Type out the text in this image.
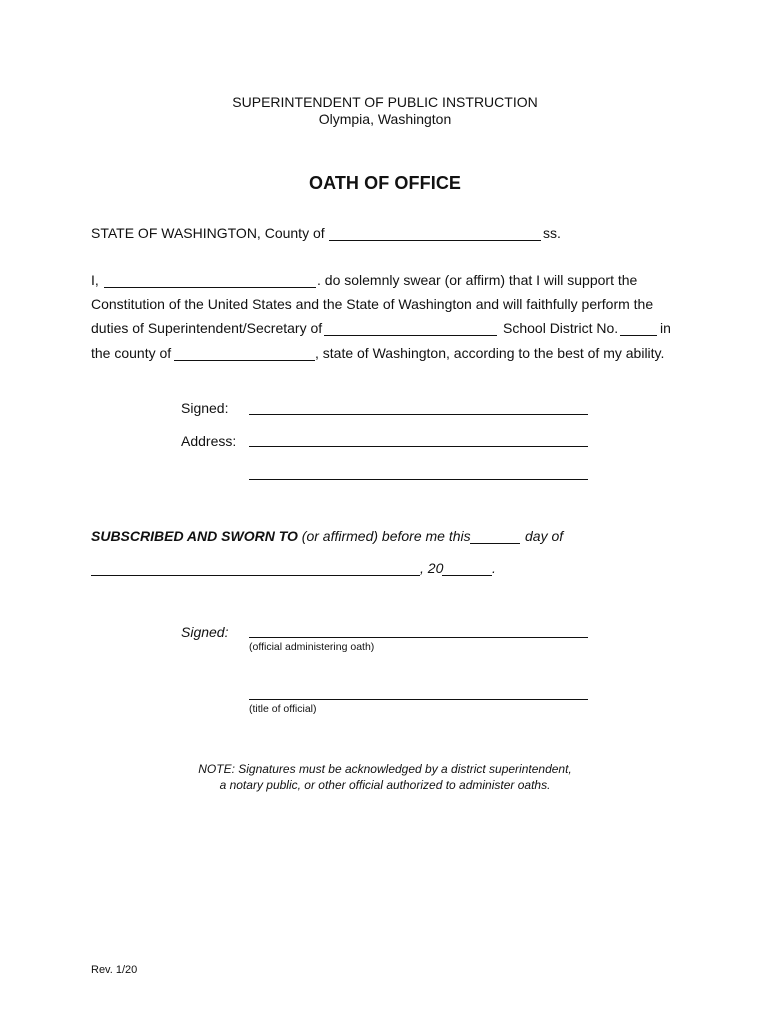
SUPERINTENDENT OF PUBLIC INSTRUCTION
Olympia, Washington
OATH OF OFFICE
STATE OF WASHINGTON, County of	ss.
I,	. do solemnly swear (or affirm) that I will support the
Constitution of the United States and the State of Washington and will faithfully perform the
duties of Superintendent/Secretary of	School District No.	in
the county of	, state of Washington, according to the best of my ability.
Signed:
Address:
SUBSCRIBED AND SWORN TO (or affirmed) before me this	day of
, 20	.
Signed:
(official administering oath)
(title of official)
NOTE: Signatures must be acknowledged by a district superintendent,
a notary public, or other official authorized to administer oaths.
Rev. 1/20
